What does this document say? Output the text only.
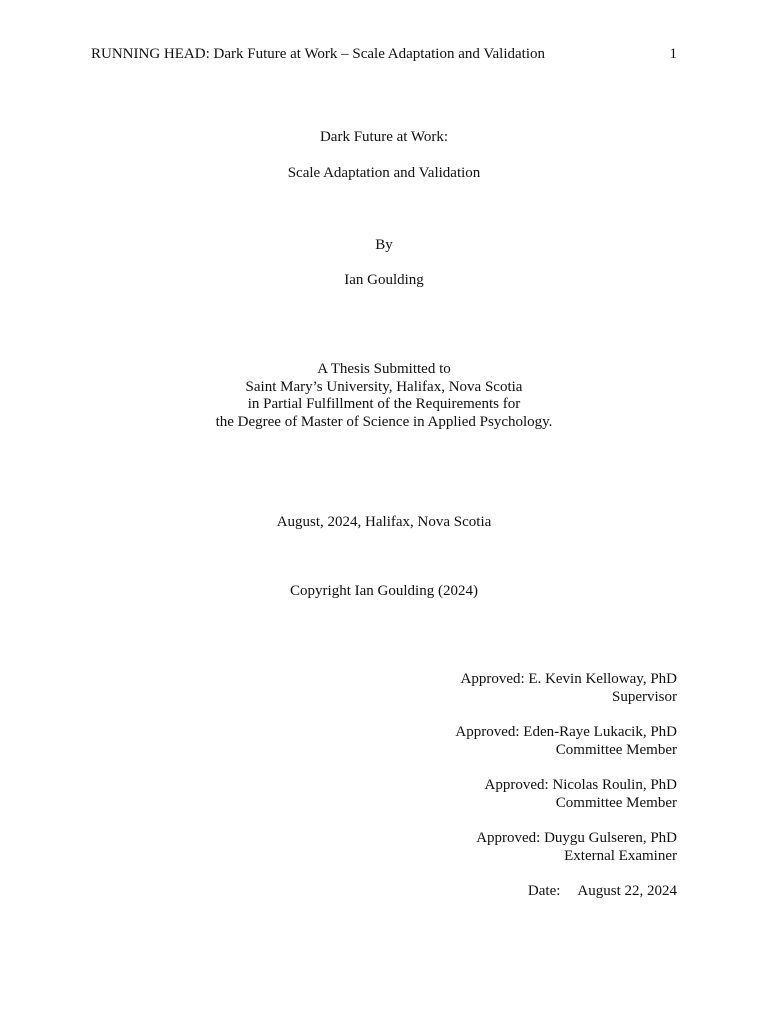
RUNNING HEAD: Dark Future at Work – Scale Adaptation and Validation	1
Dark Future at Work:
Scale Adaptation and Validation
By
Ian Goulding
A Thesis Submitted to
Saint Mary’s University, Halifax, Nova Scotia
in Partial Fulfillment of the Requirements for
the Degree of Master of Science in Applied Psychology.
August, 2024, Halifax, Nova Scotia
Copyright Ian Goulding (2024)
Approved: E. Kevin Kelloway, PhD
Supervisor
Approved: Eden-Raye Lukacik, PhD
Committee Member
Approved: Nicolas Roulin, PhD
Committee Member
Approved: Duygu Gulseren, PhD
External Examiner
Date: August 22, 2024
